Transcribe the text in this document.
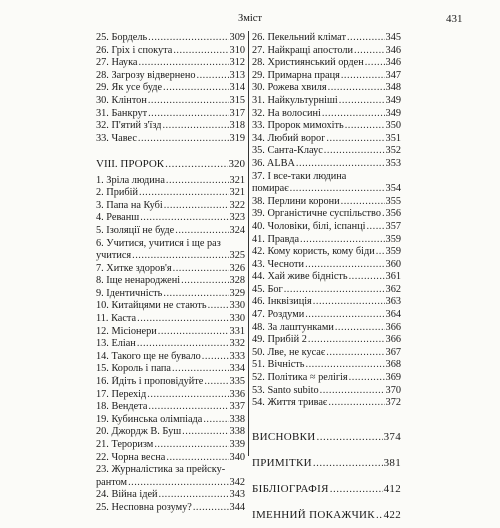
Зміст	431
25. Бордель .....	309
26. Гріх і спокута .....	310
27. Наука .....	312
28. Загрозу відвернено .....	313
29. Як усе буде .....	314
30. Клінтон .....	315
31. Банкрут .....	317
32. П'ятий з'їзд .....	318
33. Чавес .....	319
VIII. ПРОРОК .....	320
1. Зріла людина .....	321
2. Прибій .....	321
3. Папа на Кубі .....	322
4. Реванш .....	323
5. Ізоляції не буде .....	324
6. Учитися, учитися і ще раз
учитися .....	325
7. Хитке здоров'я .....	326
8. Іще ненароджені .....	328
9. Ідентичність .....	329
10. Китайцями не стають ..... 330
11. Каста .....	330
12. Місіонери .....	331
13. Еліан .....	332
14. Такого ще не бувало .....	333
15. Король і папа .....	334
16. Йдіть і проповідуйте .....	335
17. Перехід .....	336
18. Вендета .....	337
19. Кубинська олімпіада .....	338
20. Джордж В. Буш .....	338
21. Тероризм .....	339
22. Чорна весна .....	340
23. Журналістика за прейску-
рантом .....	342
24. Війна ідей .....	343
25. Несповна розуму? .....	344
26. Пекельний клімат .....	345
27. Найкращі апостоли .....	346
28. Християнський орден ..... 346
29. Примарна праця .....	347
30. Рожева хвиля .....	348
31. Найкультурніші .....	349
32. На волосині .....	349
33. Пророк мимохіть .....	350
34. Любий ворог .....	351
35. Санта-Клаус .....	352
36. ALBA .....	353
37. І все-таки людина
помирає .....	354
38. Перлини корони .....	355
39. Органістичне суспільство ..... 356
40. Чоловіки, білі, іспанці ..... 357
41. Правда .....	359
42. Кому користь, кому біди ..... 359
43. Чесноти .....	360
44. Хай живе бідність .....	361
45. Бог .....	362
46. Інквізиція .....	363
47. Роздуми .....	364
48. За лаштунками .....	366
49. Прибій 2 .....	366
50. Лве, не кусає .....	367
51. Вічність .....	368
52. Політика ≈ релігія .....	369
53. Santo subito .....	370
54. Життя триває .....	372
ВИСНОВКИ .....	374
ПРИМІТКИ .....	381
БІБЛІОГРАФІЯ .....	412
ІМЕННИЙ ПОКАЖЧИК ..... 422
